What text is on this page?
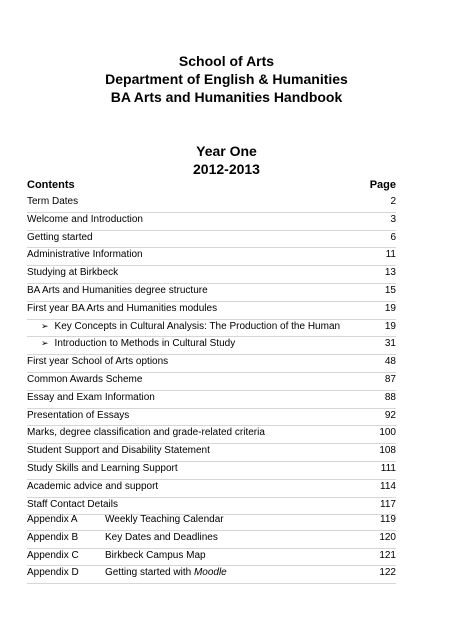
School of Arts
Department of English & Humanities
BA Arts and Humanities Handbook
Year One
2012-2013
Contents	Page
Term Dates	2
Welcome and Introduction	3
Getting started	6
Administrative Information	11
Studying at Birkbeck	13
BA Arts and Humanities degree structure	15
First year BA Arts and Humanities modules	19
➢ Key Concepts in Cultural Analysis: The Production of the Human	19
➢ Introduction to Methods in Cultural Study	31
First year School of Arts options	48
Common Awards Scheme	87
Essay and Exam Information	88
Presentation of Essays	92
Marks, degree classification and grade-related criteria	100
Student Support and Disability Statement	108
Study Skills and Learning Support	111
Academic advice and support	114
Staff Contact Details	117
Appendix A	Weekly Teaching Calendar	119
Appendix B	Key Dates and Deadlines	120
Appendix C	Birkbeck Campus Map	121
Appendix D	Getting started with Moodle	122
